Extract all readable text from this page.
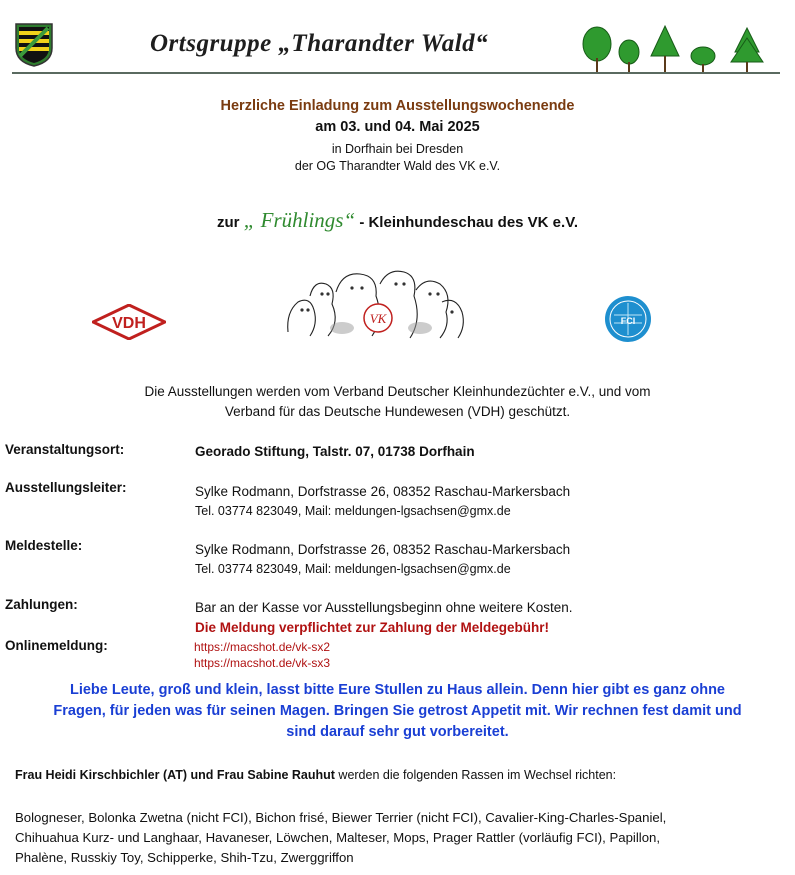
Ortsgruppe „Tharandter Wald“
Herzliche Einladung zum Ausstellungswochenende
am 03. und 04. Mai 2025
in Dorfhain bei Dresden
der OG Tharandter Wald des VK e.V.
zur „ Frühlings“ - Kleinhundeschau des VK e.V.
VDH	VK	FCI
Die Ausstellungen werden vom Verband Deutscher Kleinhundezüchter e.V., und vom
Verband für das Deutsche Hundewesen (VDH) geschützt.
Veranstaltungsort:	Georado Stiftung, Talstr. 07, 01738 Dorfhain
Ausstellungsleiter:	Sylke Rodmann, Dorfstrasse 26, 08352 Raschau-Markersbach
Tel. 03774 823049, Mail: meldungen-lgsachsen@gmx.de
Meldestelle:	Sylke Rodmann, Dorfstrasse 26, 08352 Raschau-Markersbach
Tel. 03774 823049, Mail: meldungen-lgsachsen@gmx.de
Zahlungen:	Bar an der Kasse vor Ausstellungsbeginn ohne weitere Kosten.
Die Meldung verpflichtet zur Zahlung der Meldegebühr!
Onlinemeldung:	https://macshot.de/vk-sx2
https://macshot.de/vk-sx3
Liebe Leute, groß und klein, lasst bitte Eure Stullen zu Haus allein. Denn hier gibt es ganz ohne
Fragen, für jeden was für seinen Magen. Bringen Sie getrost Appetit mit. Wir rechnen fest damit und
sind darauf sehr gut vorbereitet.
Frau Heidi Kirschbichler (AT) und Frau Sabine Rauhut werden die folgenden Rassen im Wechsel richten:
Bologneser, Bolonka Zwetna (nicht FCI), Bichon frisé, Biewer Terrier (nicht FCI), Cavalier-King-Charles-Spaniel,
Chihuahua Kurz- und Langhaar, Havaneser, Löwchen, Malteser, Mops, Prager Rattler (vorläufig FCI), Papillon,
Phalène, Russkiy Toy, Schipperke, Shih-Tzu, Zwerggriffon
